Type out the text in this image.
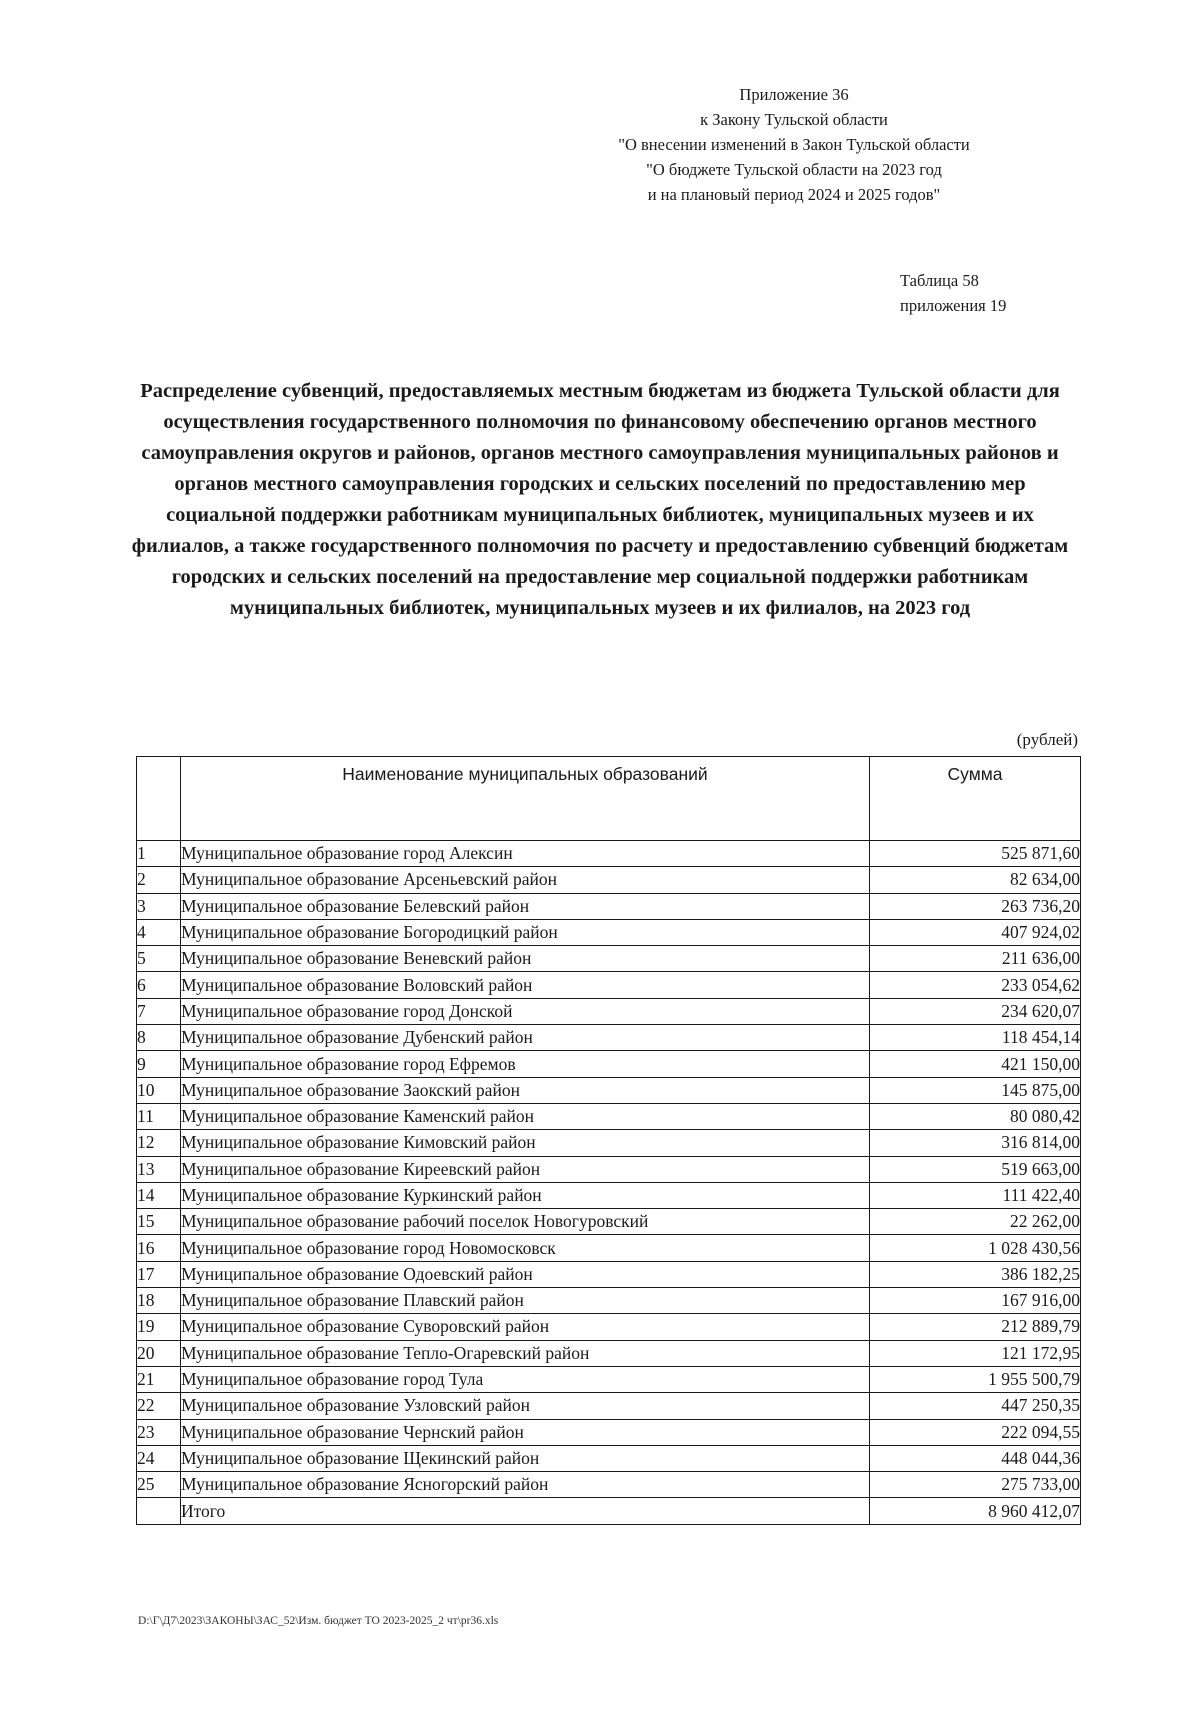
Приложение 36
к Закону Тульской области
"О внесении изменений в Закон Тульской области
"О бюджете Тульской области на 2023 год
и на плановый период 2024 и 2025 годов"
Таблица 58
приложения 19
Распределение субвенций, предоставляемых местным бюджетам из бюджета Тульской области для осуществления государственного полномочия по финансовому обеспечению органов местного самоуправления округов и районов, органов местного самоуправления муниципальных районов и органов местного самоуправления городских и сельских поселений по предоставлению мер социальной поддержки работникам муниципальных библиотек, муниципальных музеев и их филиалов, а также государственного полномочия по расчету и предоставлению субвенций бюджетам городских и сельских поселений на предоставление мер социальной поддержки работникам муниципальных библиотек, муниципальных музеев и их филиалов, на 2023 год
(рублей)
	Наименование муниципальных образований	Сумма
1	Муниципальное образование город Алексин	525 871,60
2	Муниципальное образование Арсеньевский район	82 634,00
3	Муниципальное образование Белевский район	263 736,20
4	Муниципальное образование Богородицкий район	407 924,02
5	Муниципальное образование Веневский район	211 636,00
6	Муниципальное образование Воловский район	233 054,62
7	Муниципальное образование город Донской	234 620,07
8	Муниципальное образование Дубенский район	118 454,14
9	Муниципальное образование город Ефремов	421 150,00
10	Муниципальное образование Заокский район	145 875,00
11	Муниципальное образование Каменский район	80 080,42
12	Муниципальное образование Кимовский район	316 814,00
13	Муниципальное образование Киреевский район	519 663,00
14	Муниципальное образование Куркинский район	111 422,40
15	Муниципальное образование рабочий поселок Новогуровский	22 262,00
16	Муниципальное образование город Новомосковск	1 028 430,56
17	Муниципальное образование Одоевский район	386 182,25
18	Муниципальное образование Плавский район	167 916,00
19	Муниципальное образование Суворовский район	212 889,79
20	Муниципальное образование Тепло-Огаревский район	121 172,95
21	Муниципальное образование город Тула	1 955 500,79
22	Муниципальное образование Узловский район	447 250,35
23	Муниципальное образование Чернский район	222 094,55
24	Муниципальное образование Щекинский район	448 044,36
25	Муниципальное образование Ясногорский район	275 733,00
	Итого	8 960 412,07
D:\Г\Д7\2023\ЗАКОНЫ\ЗАС_52\Изм. бюджет ТО 2023-2025_2 чт\pr36.xls
